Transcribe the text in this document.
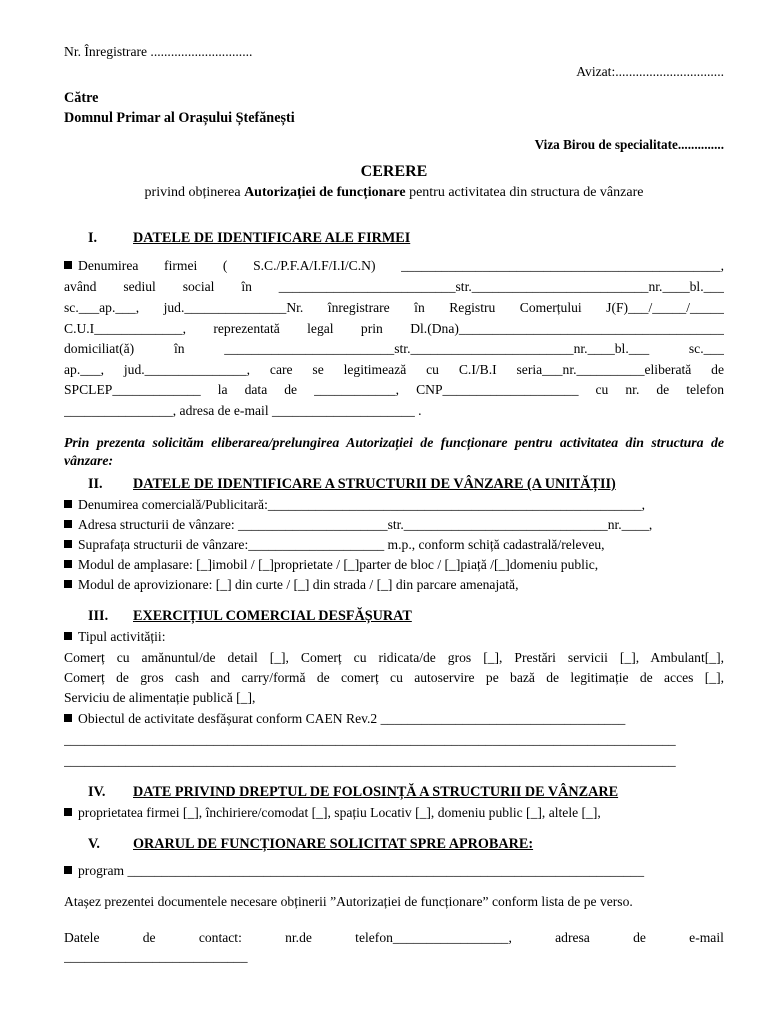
Nr. Înregistrare ..............................
Avizat:................................
Către
Domnul Primar al Orașului Ștefănești
Viza Birou de specialitate..............
CERERE
privind obținerea Autorizației de funcționare pentru activitatea din structura de vânzare
I.	DATELE DE IDENTIFICARE ALE FIRMEI
Denumirea firmei ( S.C./P.F.A/I.F/I.I/C.N) _______________________________________________,
având sediul social în __________________________str.__________________________nr.____bl.___
sc.___ap.___, jud._______________Nr. înregistrare în Registru Comerțului J(F)___/_____/_____
C.U.I_____________, reprezentată legal prin Dl.(Dna)_______________________________________
domiciliat(ă) în _________________________str.________________________nr.____bl.___ sc.___
ap.___, jud._______________, care se legitimează cu C.I/B.I seria___nr.__________eliberată de
SPCLEP_____________ la data de ____________, CNP____________________ cu nr. de telefon
________________, adresa de e-mail _____________________ .
Prin prezenta solicităm eliberarea/prelungirea Autorizației de funcționare pentru activitatea din structura de vânzare:
II. DATELE DE IDENTIFICARE A STRUCTURII DE VÂNZARE (A UNITĂȚII)
Denumirea comercială/Publicitară:_______________________________________________________,
Adresa structurii de vânzare: ______________________str.______________________________nr.____,
Suprafața structurii de vânzare:____________________ m.p., conform schiță cadastrală/releveu,
Modul de amplasare: [_]imobil / [_]proprietate / [_]parter de bloc / [_]piață /[_]domeniu public,
Modul de aprovizionare: [_] din curte / [_] din strada / [_] din parcare amenajată,
III. EXERCIȚIUL COMERCIAL DESFĂȘURAT
Tipul activității:
Comerț cu amănuntul/de detail [_], Comerț cu ridicata/de gros [_], Prestări servicii [_], Ambulant[_],
Comerț de gros cash and carry/formă de comerț cu autoservire pe bază de legitimație de acces [_],
Serviciu de alimentație publică [_],
Obiectul de activitate desfășurat conform CAEN Rev.2 ____________________________________
__________________________________________________________________________________________
__________________________________________________________________________________________
IV. DATE PRIVIND DREPTUL DE FOLOSINȚĂ A STRUCTURII DE VÂNZARE
proprietatea firmei [_], închiriere/comodat [_], spațiu Locativ [_], domeniu public [_], altele [_],
V. ORARUL DE FUNCȚIONARE SOLICITAT SPRE APROBARE:
program ____________________________________________________________________________
Atașez prezentei documentele necesare obținerii ”Autorizației de funcționare” conform lista de pe verso.
Datele	de	contact:	nr.de	telefon_________________,	adresa	de	e-mail
___________________________
